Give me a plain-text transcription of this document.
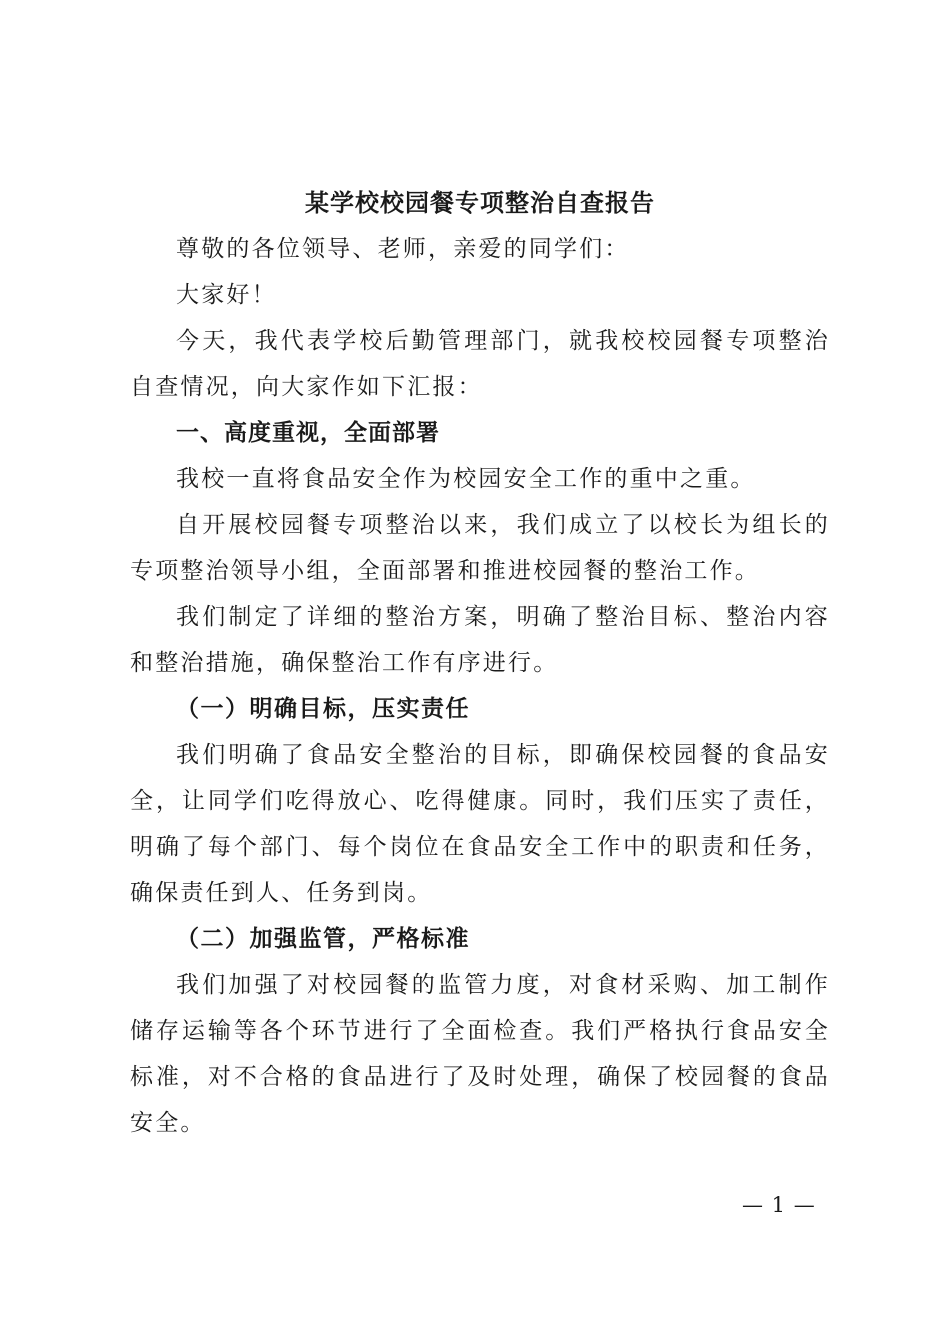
某学校校园餐专项整治自查报告

尊敬的各位领导、老师，亲爱的同学们：

大家好！

今天，我代表学校后勤管理部门，就我校校园餐专项整治自查情况，向大家作如下汇报：

一、高度重视，全面部署

我校一直将食品安全作为校园安全工作的重中之重。

自开展校园餐专项整治以来，我们成立了以校长为组长的专项整治领导小组，全面部署和推进校园餐的整治工作。

我们制定了详细的整治方案，明确了整治目标、整治内容和整治措施，确保整治工作有序进行。

（一）明确目标，压实责任

我们明确了食品安全整治的目标，即确保校园餐的食品安全，让同学们吃得放心、吃得健康。同时，我们压实了责任，明确了每个部门、每个岗位在食品安全工作中的职责和任务，确保责任到人、任务到岗。

（二）加强监管，严格标准

我们加强了对校园餐的监管力度，对食材采购、加工制作储存运输等各个环节进行了全面检查。我们严格执行食品安全标准，对不合格的食品进行了及时处理，确保了校园餐的食品安全。

— 1 —
